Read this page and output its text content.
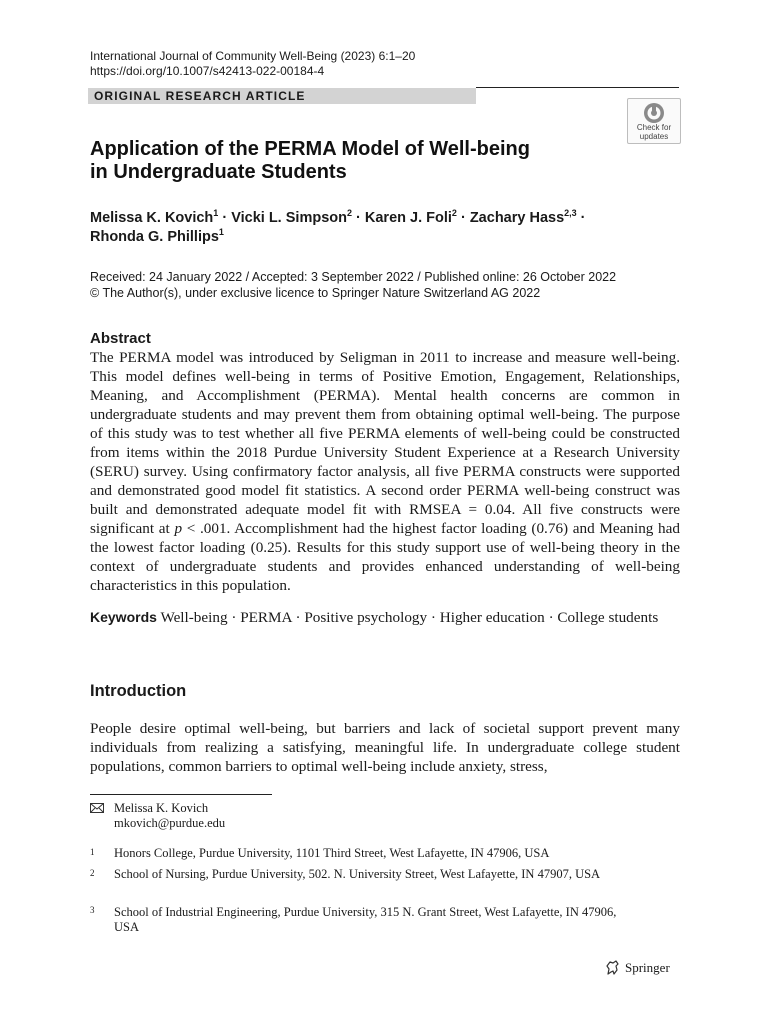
International Journal of Community Well-Being (2023) 6:1–20
https://doi.org/10.1007/s42413-022-00184-4
ORIGINAL RESEARCH ARTICLE
Check for
updates
Application of the PERMA Model of Well-being
in Undergraduate Students
Melissa K. Kovich$^1$ · Vicki L. Simpson$^2$ · Karen J. Foli$^2$ · Zachary Hass$^{2,3}$ ·
Rhonda G. Phillips$^1$
Received: 24 January 2022 / Accepted: 3 September 2022 / Published online: 26 October 2022
© The Author(s), under exclusive licence to Springer Nature Switzerland AG 2022
Abstract
The PERMA model was introduced by Seligman in 2011 to increase and measure well-being. This model defines well-being in terms of Positive Emotion, Engagement, Relationships, Meaning, and Accomplishment (PERMA). Mental health concerns are common in undergraduate students and may prevent them from obtaining optimal well-being. The purpose of this study was to test whether all five PERMA elements of well-being could be constructed from items within the 2018 Purdue University Student Experience at a Research University (SERU) survey. Using confirmatory factor analysis, all five PERMA constructs were supported and demonstrated good model fit statistics. A second order PERMA well-being construct was built and demonstrated adequate model fit with RMSEA = 0.04. All five constructs were significant at p < .001. Accomplishment had the highest factor loading (0.76) and Meaning had the lowest factor loading (0.25). Results for this study support use of well-being theory in the context of undergraduate students and provides enhanced understanding of well-being characteristics in this population.
Keywords Well-being · PERMA · Positive psychology · Higher education · College students
Introduction
People desire optimal well-being, but barriers and lack of societal support prevent many individuals from realizing a satisfying, meaningful life. In undergraduate college student populations, common barriers to optimal well-being include anxiety, stress,
Melissa K. Kovich
mkovich@purdue.edu
1 Honors College, Purdue University, 1101 Third Street, West Lafayette, IN 47906, USA
2 School of Nursing, Purdue University, 502. N. University Street, West Lafayette, IN 47907, USA
3 School of Industrial Engineering, Purdue University, 315 N. Grant Street, West Lafayette, IN 47906, USA
Springer
